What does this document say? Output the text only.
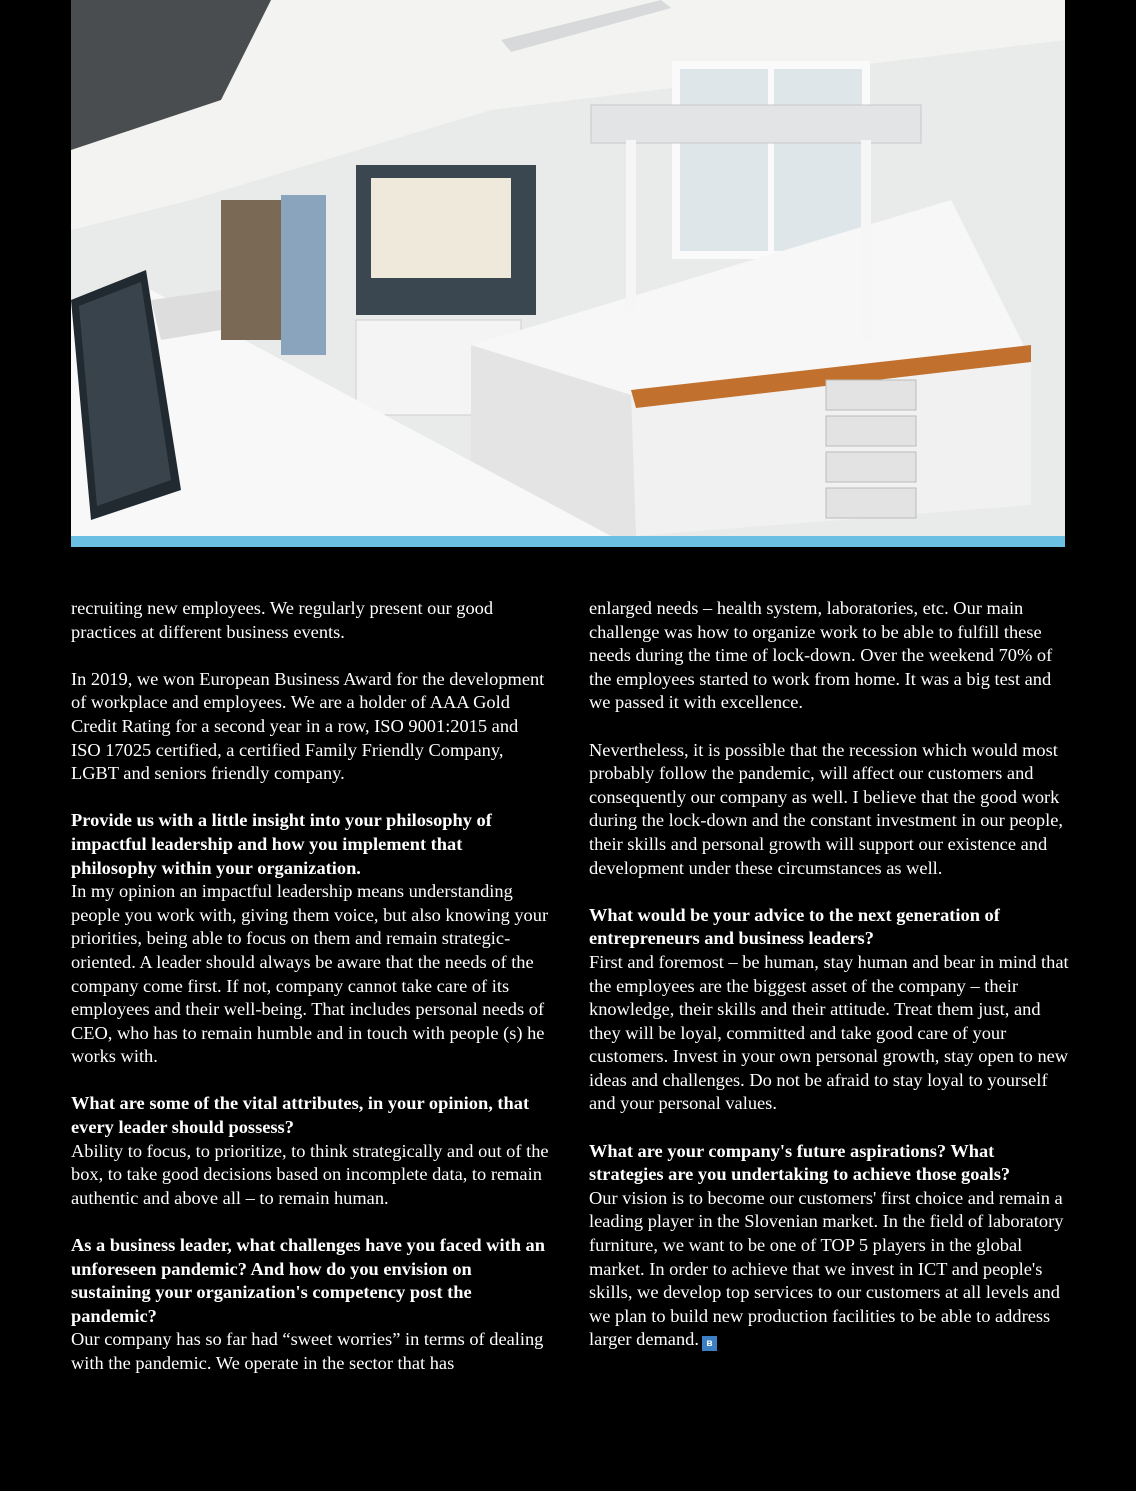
recruiting new employees. We regularly present our good practices at different business events.

In 2019, we won European Business Award for the development of workplace and employees. We are a holder of AAA Gold Credit Rating for a second year in a row, ISO 9001:2015 and ISO 17025 certified, a certified Family Friendly Company, LGBT and seniors friendly company.

Provide us with a little insight into your philosophy of impactful leadership and how you implement that philosophy within your organization.

In my opinion an impactful leadership means understanding people you work with, giving them voice, but also knowing your priorities, being able to focus on them and remain strategic-oriented. A leader should always be aware that the needs of the company come first. If not, company cannot take care of its employees and their well-being. That includes personal needs of CEO, who has to remain humble and in touch with people (s) he works with.

What are some of the vital attributes, in your opinion, that every leader should possess?

Ability to focus, to prioritize, to think strategically and out of the box, to take good decisions based on incomplete data, to remain authentic and above all – to remain human.

As a business leader, what challenges have you faced with an unforeseen pandemic? And how do you envision on sustaining your organization's competency post the pandemic?

Our company has so far had “sweet worries” in terms of dealing with the pandemic. We operate in the sector that has

enlarged needs – health system, laboratories, etc. Our main challenge was how to organize work to be able to fulfill these needs during the time of lock-down. Over the weekend 70% of the employees started to work from home. It was a big test and we passed it with excellence.

Nevertheless, it is possible that the recession which would most probably follow the pandemic, will affect our customers and consequently our company as well. I believe that the good work during the lock-down and the constant investment in our people, their skills and personal growth will support our existence and development under these circumstances as well.

What would be your advice to the next generation of entrepreneurs and business leaders?

First and foremost – be human, stay human and bear in mind that the employees are the biggest asset of the company – their knowledge, their skills and their attitude. Treat them just, and they will be loyal, committed and take good care of your customers. Invest in your own personal growth, stay open to new ideas and challenges. Do not be afraid to stay loyal to yourself and your personal values.

What are your company's future aspirations? What strategies are you undertaking to achieve those goals?

Our vision is to become our customers' first choice and remain a leading player in the Slovenian market. In the field of laboratory furniture, we want to be one of TOP 5 players in the global market. In order to achieve that we invest in ICT and people's skills, we develop top services to our customers at all levels and we plan to build new production facilities to be able to address larger demand. ʙ
